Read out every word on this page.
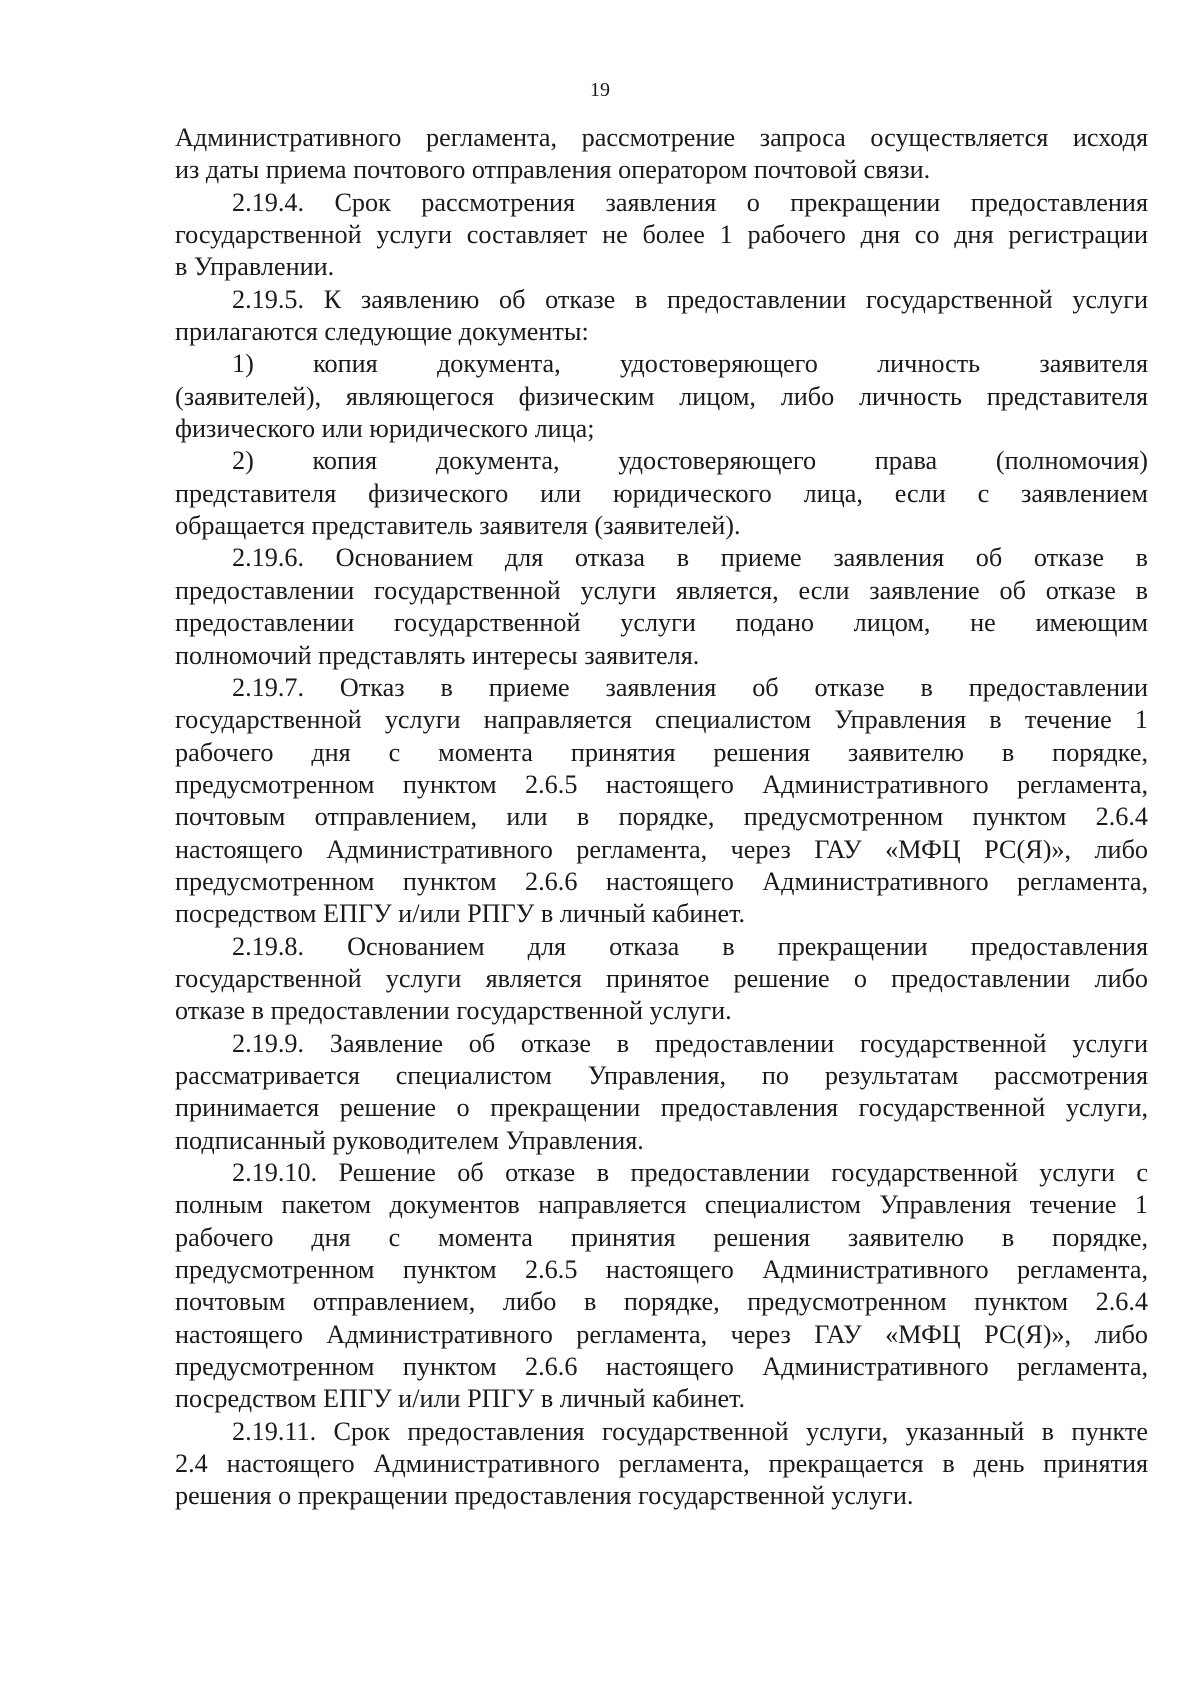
19
Административного регламента, рассмотрение запроса осуществляется исходя
из даты приема почтового отправления оператором почтовой связи.
2.19.4. Срок рассмотрения заявления о прекращении предоставления
государственной услуги составляет не более 1 рабочего дня со дня регистрации
в Управлении.
2.19.5. К заявлению об отказе в предоставлении государственной услуги
прилагаются следующие документы:
1) копия документа, удостоверяющего личность заявителя
(заявителей), являющегося физическим лицом, либо личность представителя
физического или юридического лица;
2) копия документа, удостоверяющего права (полномочия)
представителя физического или юридического лица, если с заявлением
обращается представитель заявителя (заявителей).
2.19.6. Основанием для отказа в приеме заявления об отказе в
предоставлении государственной услуги является, если заявление об отказе в
предоставлении государственной услуги подано лицом, не имеющим
полномочий представлять интересы заявителя.
2.19.7. Отказ в приеме заявления об отказе в предоставлении
государственной услуги направляется специалистом Управления в течение 1
рабочего дня с момента принятия решения заявителю в порядке,
предусмотренном пунктом 2.6.5 настоящего Административного регламента,
почтовым отправлением, или в порядке, предусмотренном пунктом 2.6.4
настоящего Административного регламента, через ГАУ «МФЦ РС(Я)», либо
предусмотренном пунктом 2.6.6 настоящего Административного регламента,
посредством ЕПГУ и/или РПГУ в личный кабинет.
2.19.8. Основанием для отказа в прекращении предоставления
государственной услуги является принятое решение о предоставлении либо
отказе в предоставлении государственной услуги.
2.19.9. Заявление об отказе в предоставлении государственной услуги
рассматривается специалистом Управления, по результатам рассмотрения
принимается решение о прекращении предоставления государственной услуги,
подписанный руководителем Управления.
2.19.10. Решение об отказе в предоставлении государственной услуги с
полным пакетом документов направляется специалистом Управления течение 1
рабочего дня с момента принятия решения заявителю в порядке,
предусмотренном пунктом 2.6.5 настоящего Административного регламента,
почтовым отправлением, либо в порядке, предусмотренном пунктом 2.6.4
настоящего Административного регламента, через ГАУ «МФЦ РС(Я)», либо
предусмотренном пунктом 2.6.6 настоящего Административного регламента,
посредством ЕПГУ и/или РПГУ в личный кабинет.
2.19.11. Срок предоставления государственной услуги, указанный в пункте
2.4 настоящего Административного регламента, прекращается в день принятия
решения о прекращении предоставления государственной услуги.
